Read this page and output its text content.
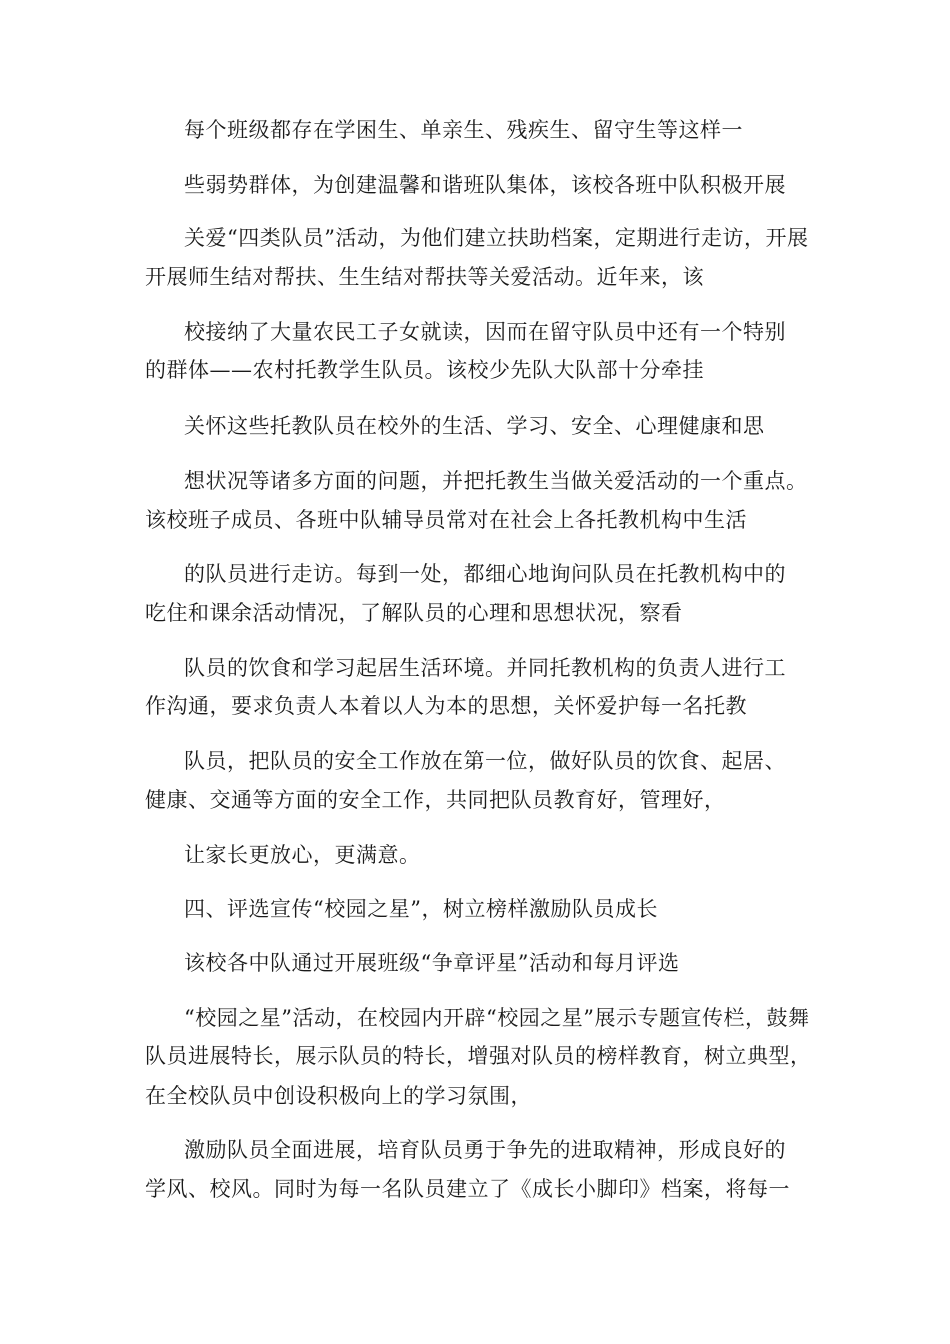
每个班级都存在学困生、单亲生、残疾生、留守生等这样一
些弱势群体，为创建温馨和谐班队集体，该校各班中队积极开展
关爱“四类队员”活动，为他们建立扶助档案，定期进行走访，开展
开展师生结对帮扶、生生结对帮扶等关爱活动。近年来，该
校接纳了大量农民工子女就读，因而在留守队员中还有一个特别
的群体——农村托教学生队员。该校少先队大队部十分牵挂
关怀这些托教队员在校外的生活、学习、安全、心理健康和思
想状况等诸多方面的问题，并把托教生当做关爱活动的一个重点。
该校班子成员、各班中队辅导员常对在社会上各托教机构中生活
的队员进行走访。每到一处，都细心地询问队员在托教机构中的
吃住和课余活动情况，了解队员的心理和思想状况，察看
队员的饮食和学习起居生活环境。并同托教机构的负责人进行工
作沟通，要求负责人本着以人为本的思想，关怀爱护每一名托教
队员，把队员的安全工作放在第一位，做好队员的饮食、起居、
健康、交通等方面的安全工作，共同把队员教育好，管理好，
让家长更放心，更满意。
四、评选宣传“校园之星”，树立榜样激励队员成长
该校各中队通过开展班级“争章评星”活动和每月评选
“校园之星”活动，在校园内开辟“校园之星”展示专题宣传栏，鼓舞
队员进展特长，展示队员的特长，增强对队员的榜样教育，树立典型，
在全校队员中创设积极向上的学习氛围，
激励队员全面进展，培育队员勇于争先的进取精神，形成良好的
学风、校风。同时为每一名队员建立了《成长小脚印》档案，将每一
